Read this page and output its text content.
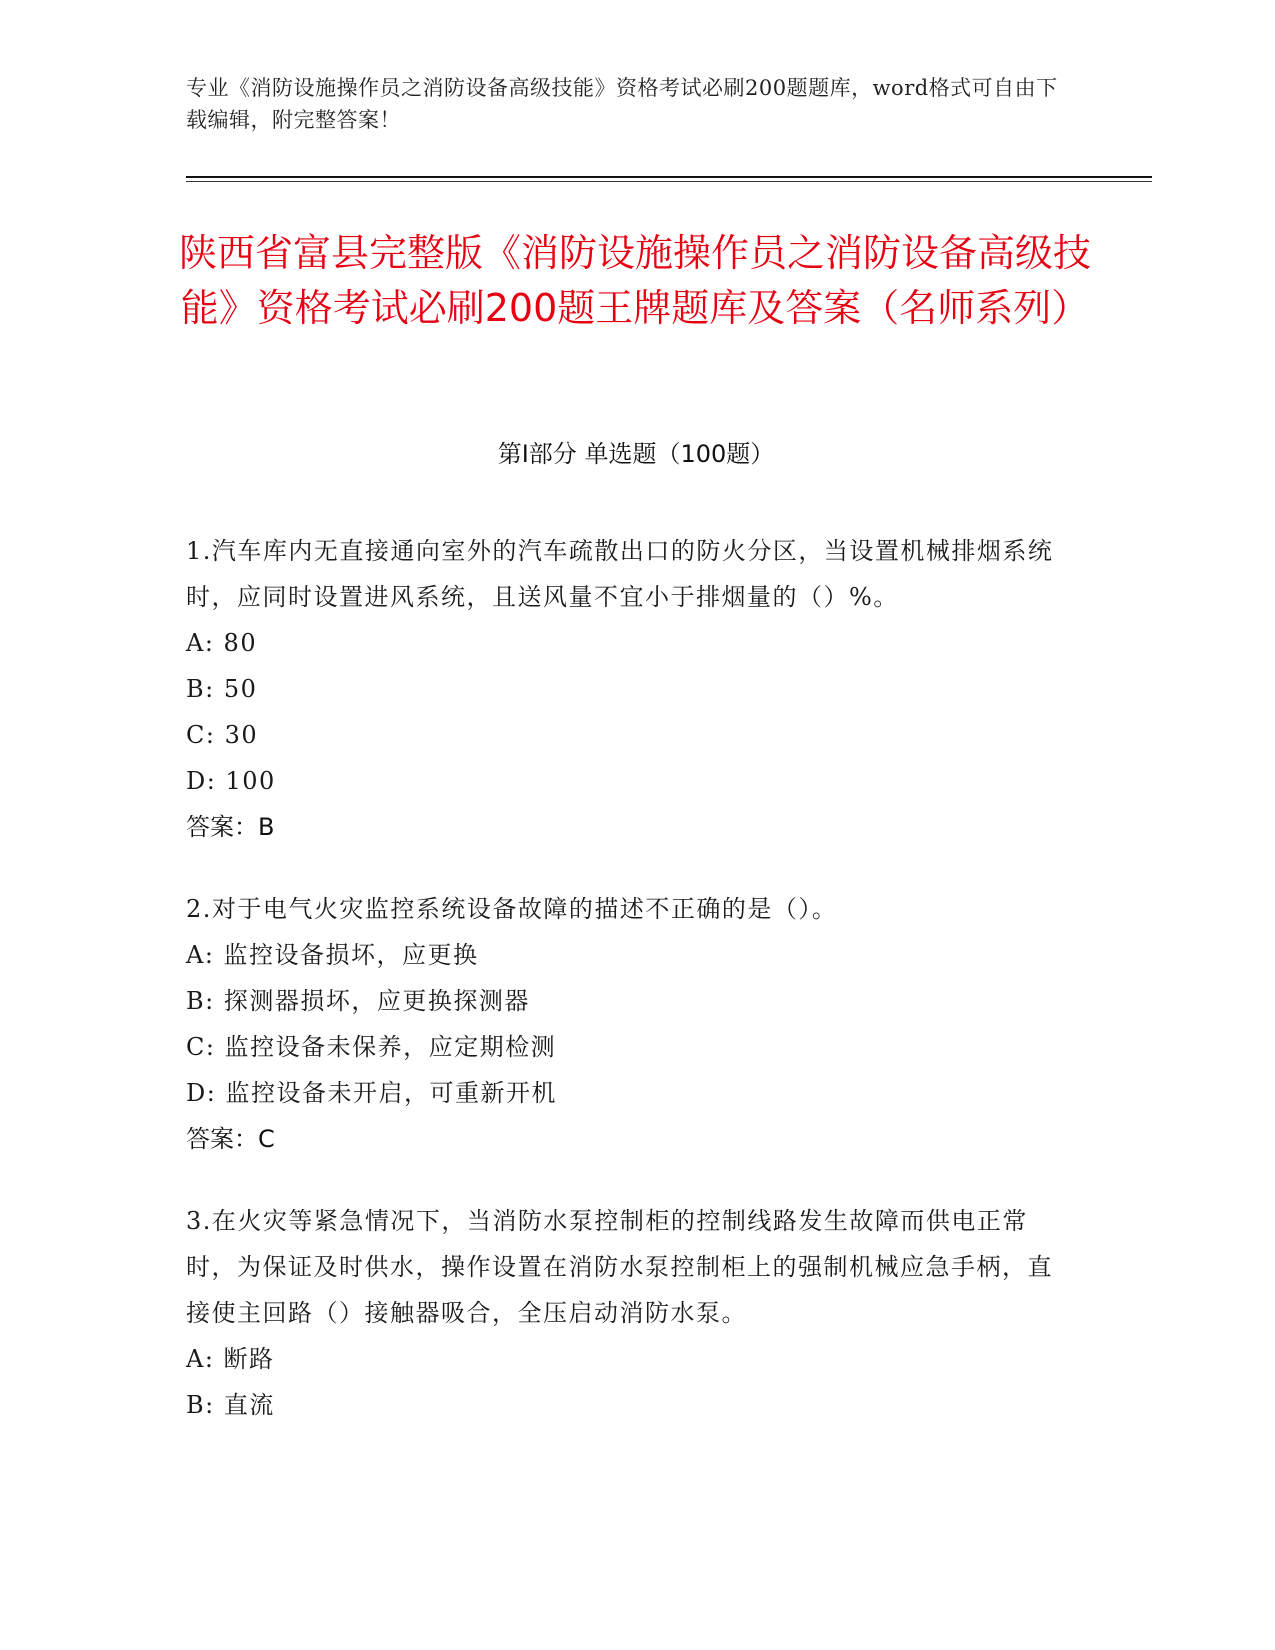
专业《消防设施操作员之消防设备高级技能》资格考试必刷200题题库，word格式可自由下载编辑，附完整答案！

陕西省富县完整版《消防设施操作员之消防设备高级技能》资格考试必刷200题王牌题库及答案（名师系列）
第I部分 单选题（100题）

1.汽车库内无直接通向室外的汽车疏散出口的防火分区，当设置机械排烟系统时，应同时设置进风系统，且送风量不宜小于排烟量的（）%。

A: 80

B: 50

C: 30

D: 100

答案：B

2.对于电气火灾监控系统设备故障的描述不正确的是（）。

A: 监控设备损坏，应更换

B: 探测器损坏，应更换探测器

C: 监控设备未保养，应定期检测

D: 监控设备未开启，可重新开机

答案：C

3.在火灾等紧急情况下，当消防水泵控制柜的控制线路发生故障而供电正常时，为保证及时供水，操作设置在消防水泵控制柜上的强制机械应急手柄，直接使主回路（）接触器吸合，全压启动消防水泵。

A: 断路

B: 直流
